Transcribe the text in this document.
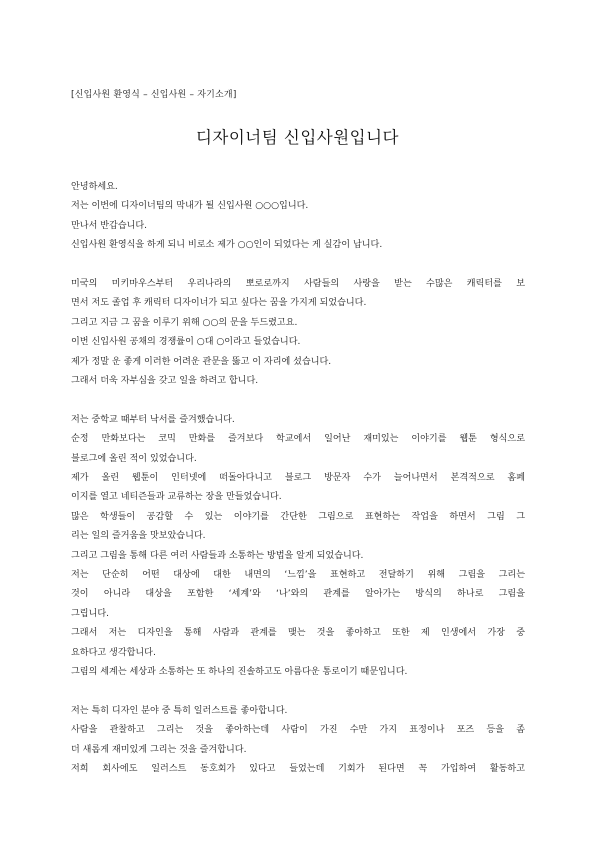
[신입사원 환영식 – 신입사원 – 자기소개]
디자이너팀 신입사원입니다
안녕하세요.
저는 이번에 디자이너팀의 막내가 될 신입사원 ○○○입니다.
만나서 반갑습니다.
신입사원 환영식을 하게 되니 비로소 제가 ○○인이 되었다는 게 실감이 납니다.
미국의 미키마우스부터 우리나라의 뽀로로까지 사람들의 사랑을 받는 수많은 캐릭터를 보
면서 저도 졸업 후 캐릭터 디자이너가 되고 싶다는 꿈을 가지게 되었습니다.
그리고 지금 그 꿈을 이루기 위해 ○○의 문을 두드렸고요.
이번 신입사원 공채의 경쟁률이 ○대 ○이라고 들었습니다.
제가 정말 운 좋게 이러한 어려운 관문을 뚫고 이 자리에 섰습니다.
그래서 더욱 자부심을 갖고 일을 하려고 합니다.
저는 중학교 때부터 낙서를 즐겨했습니다.
순정 만화보다는 코믹 만화를 즐겨보다 학교에서 일어난 재미있는 이야기를 웹툰 형식으로
블로그에 올린 적이 있었습니다.
제가 올린 웹툰이 인터넷에 떠돌아다니고 블로그 방문자 수가 늘어나면서 본격적으로 홈페
이지를 열고 네티즌들과 교류하는 장을 만들었습니다.
많은 학생들이 공감할 수 있는 이야기를 간단한 그림으로 표현하는 작업을 하면서 그림 그
리는 일의 즐거움을 맛보았습니다.
그리고 그림을 통해 다른 여러 사람들과 소통하는 방법을 알게 되었습니다.
저는 단순히 어떤 대상에 대한 내면의 ‘느낌’을 표현하고 전달하기 위해 그림을 그리는
것이 아니라 대상을 포함한 ‘세계’와 ‘나’와의 관계를 알아가는 방식의 하나로 그림을
그립니다.
그래서 저는 디자인을 통해 사람과 관계를 맺는 것을 좋아하고 또한 제 인생에서 가장 중
요하다고 생각합니다.
그림의 세계는 세상과 소통하는 또 하나의 진솔하고도 아름다운 통로이기 때문입니다.
저는 특히 디자인 분야 중 특히 일러스트를 좋아합니다.
사람을 관찰하고 그리는 것을 좋아하는데 사람이 가진 수만 가지 표정이나 포즈 등을 좀
더 새롭게 재미있게 그리는 것을 즐겨합니다.
저희 회사에도 일러스트 동호회가 있다고 들었는데 기회가 된다면 꼭 가입하여 활동하고
